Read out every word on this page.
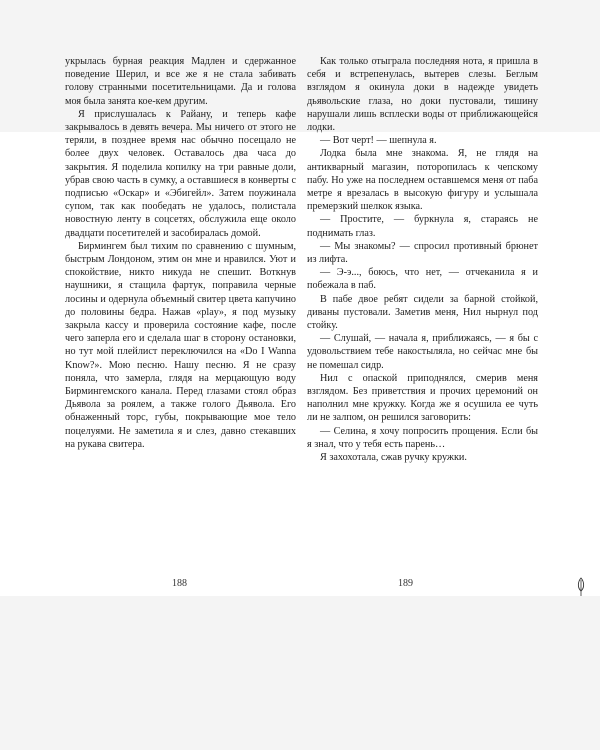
укрылась бурная реакция Мадлен и сдержанное поведение Шерил, и все же я не стала забивать голову странными посетительницами. Да и голова моя была занята кое-кем другим.

Я прислушалась к Райану, и теперь кафе закрывалось в девять вечера. Мы ничего от этого не теряли, в позднее время нас обычно посещало не более двух человек. Оставалось два часа до закрытия. Я поделила копилку на три равные доли, убрав свою часть в сумку, а оставшиеся в конверты с подписью «Оскар» и «Эбигейл». Затем поужинала супом, так как пообедать не удалось, полистала новостную ленту в соцсетях, обслужила еще около двадцати посетителей и засобиралась домой.

Бирмингем был тихим по сравнению с шумным, быстрым Лондоном, этим он мне и нравился. Уют и спокойствие, никто никуда не спешит. Воткнув наушники, я стащила фартук, поправила черные лосины и одернула объемный свитер цвета капучино до половины бедра. Нажав «play», я под музыку закрыла кассу и проверила состояние кафе, после чего заперла его и сделала шаг в сторону остановки, но тут мой плейлист переключился на «Do I Wanna Know?». Мою песню. Нашу песню. Я не сразу поняла, что замерла, глядя на мерцающую воду Бирмингемского канала. Перед глазами стоял образ Дьявола за роялем, а также голого Дьявола. Его обнаженный торс, губы, покрывающие мое тело поцелуями. Не заметила я и слез, давно стекавших на рукава свитера.

Как только отыграла последняя нота, я пришла в себя и встрепенулась, вытерев слезы. Беглым взглядом я окинула доки в надежде увидеть дьявольские глаза, но доки пустовали, тишину нарушали лишь всплески воды от приближающейся лодки.

— Вот черт! — шепнула я.

Лодка была мне знакома. Я, не глядя на антикварный магазин, поторопилась к чепскому пабу. Но уже на последнем оставшемся меня от паба метре я врезалась в высокую фигуру и услышала премерзкий шелкок языка.

— Простите, — буркнула я, стараясь не поднимать глаз.

— Мы знакомы? — спросил противный брюнет из лифта.

— Э-э..., боюсь, что нет, — отчеканила я и побежала в паб.

В пабе двое ребят сидели за барной стойкой, диваны пустовали. Заметив меня, Нил нырнул под стойку.

— Слушай, — начала я, приближаясь, — я бы с удовольствием тебе накостыляла, но сейчас мне бы не помешал сидр.

Нил с опаской приподнялся, смерив меня взглядом. Без приветствия и прочих церемоний он наполнил мне кружку. Когда же я осушила ее чуть ли не залпом, он решился заговорить:

— Селина, я хочу попросить прощения. Если бы я знал, что у тебя есть парень…

Я захохотала, сжав ручку кружки.

188	189
